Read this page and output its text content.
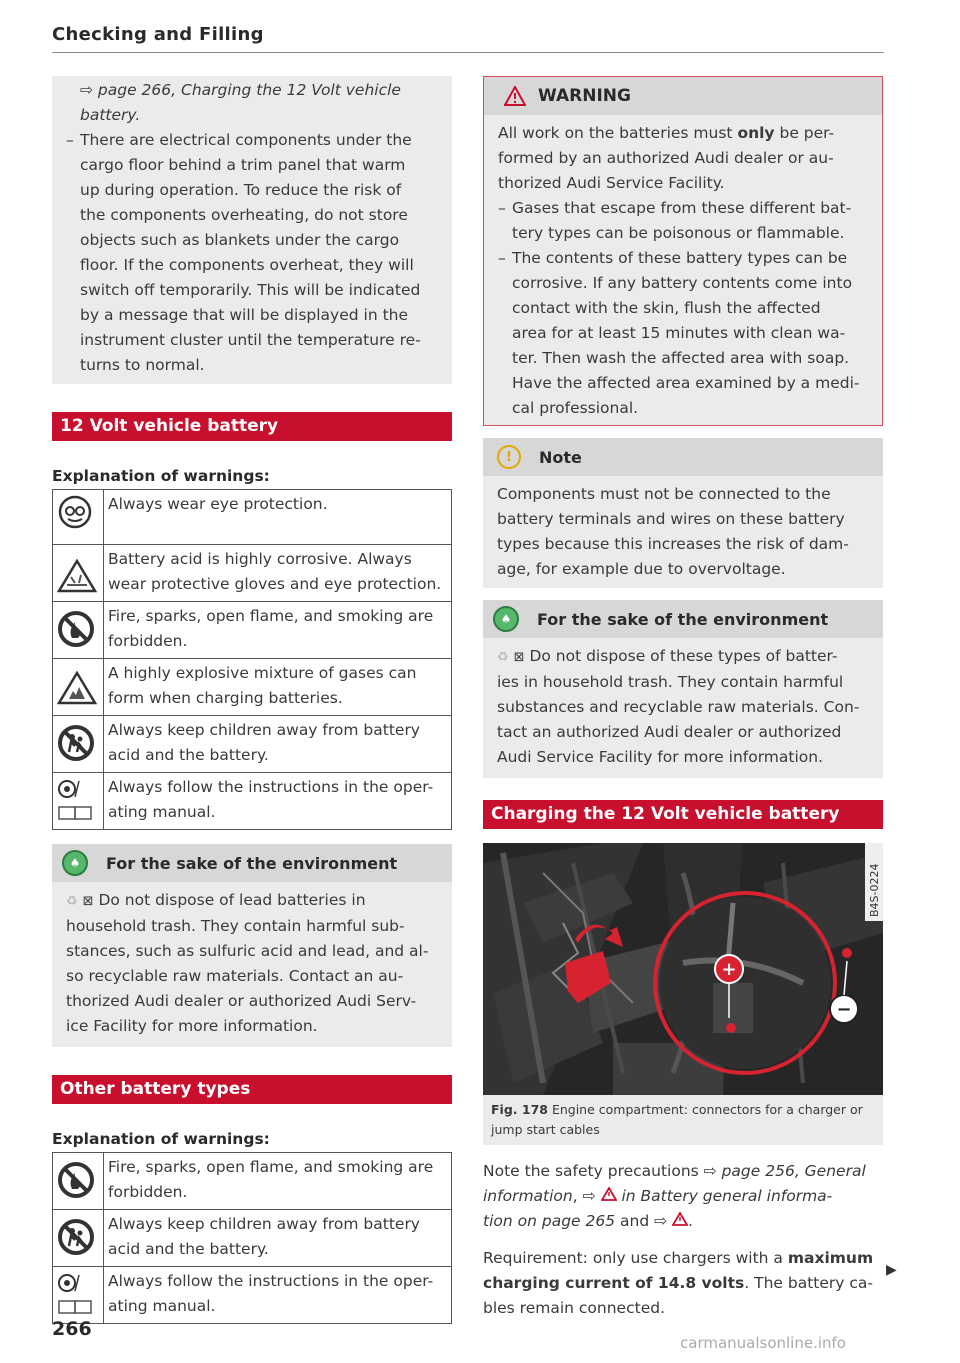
Checking and Filling
⇨ page 266, Charging the 12 Volt vehicle
battery.
– There are electrical components under the
cargo floor behind a trim panel that warm
up during operation. To reduce the risk of
the components overheating, do not store
objects such as blankets under the cargo
floor. If the components overheat, they will
switch off temporarily. This will be indicated
by a message that will be displayed in the
instrument cluster until the temperature re-
turns to normal.
12 Volt vehicle battery
Explanation of warnings:

Always wear eye protection.

Battery acid is highly corrosive. Always
wear protective gloves and eye protection.

Fire, sparks, open flame, and smoking are
forbidden.

A highly explosive mixture of gases can
form when charging batteries.

Always keep children away from battery
acid and the battery.

Always follow the instructions in the oper-
ating manual.
♠	For the sake of the environment
♻ ⊠ Do not dispose of lead batteries in
household trash. They contain harmful sub-
stances, such as sulfuric acid and lead, and al-
so recyclable raw materials. Contact an au-
thorized Audi dealer or authorized Audi Serv-
ice Facility for more information.
Other battery types
Explanation of warnings:

Fire, sparks, open flame, and smoking are
forbidden.

Always keep children away from battery
acid and the battery.

Always follow the instructions in the oper-
ating manual.
266
WARNING
All work on the batteries must only be per-
formed by an authorized Audi dealer or au-
thorized Audi Service Facility.
– Gases that escape from these different bat-
tery types can be poisonous or flammable.
– The contents of these battery types can be
corrosive. If any battery contents come into
contact with the skin, flush the affected
area for at least 15 minutes with clean wa-
ter. Then wash the affected area with soap.
Have the affected area examined by a medi-
cal professional.
!	Note
Components must not be connected to the
battery terminals and wires on these battery
types because this increases the risk of dam-
age, for example due to overvoltage.
♠	For the sake of the environment
♻ ⊠ Do not dispose of these types of batter-
ies in household trash. They contain harmful
substances and recyclable raw materials. Con-
tact an authorized Audi dealer or authorized
Audi Service Facility for more information.
Charging the 12 Volt vehicle battery
+
−
B4S-0224
Fig. 178 Engine compartment: connectors for a charger or
jump start cables
Note the safety precautions ⇨ page 256, General
information, ⇨  in Battery general informa-
tion on page 265 and ⇨ .
Requirement: only use chargers with a maximum
charging current of 14.8 volts. The battery ca-
bles remain connected.
▶
carmanualsonline.info
